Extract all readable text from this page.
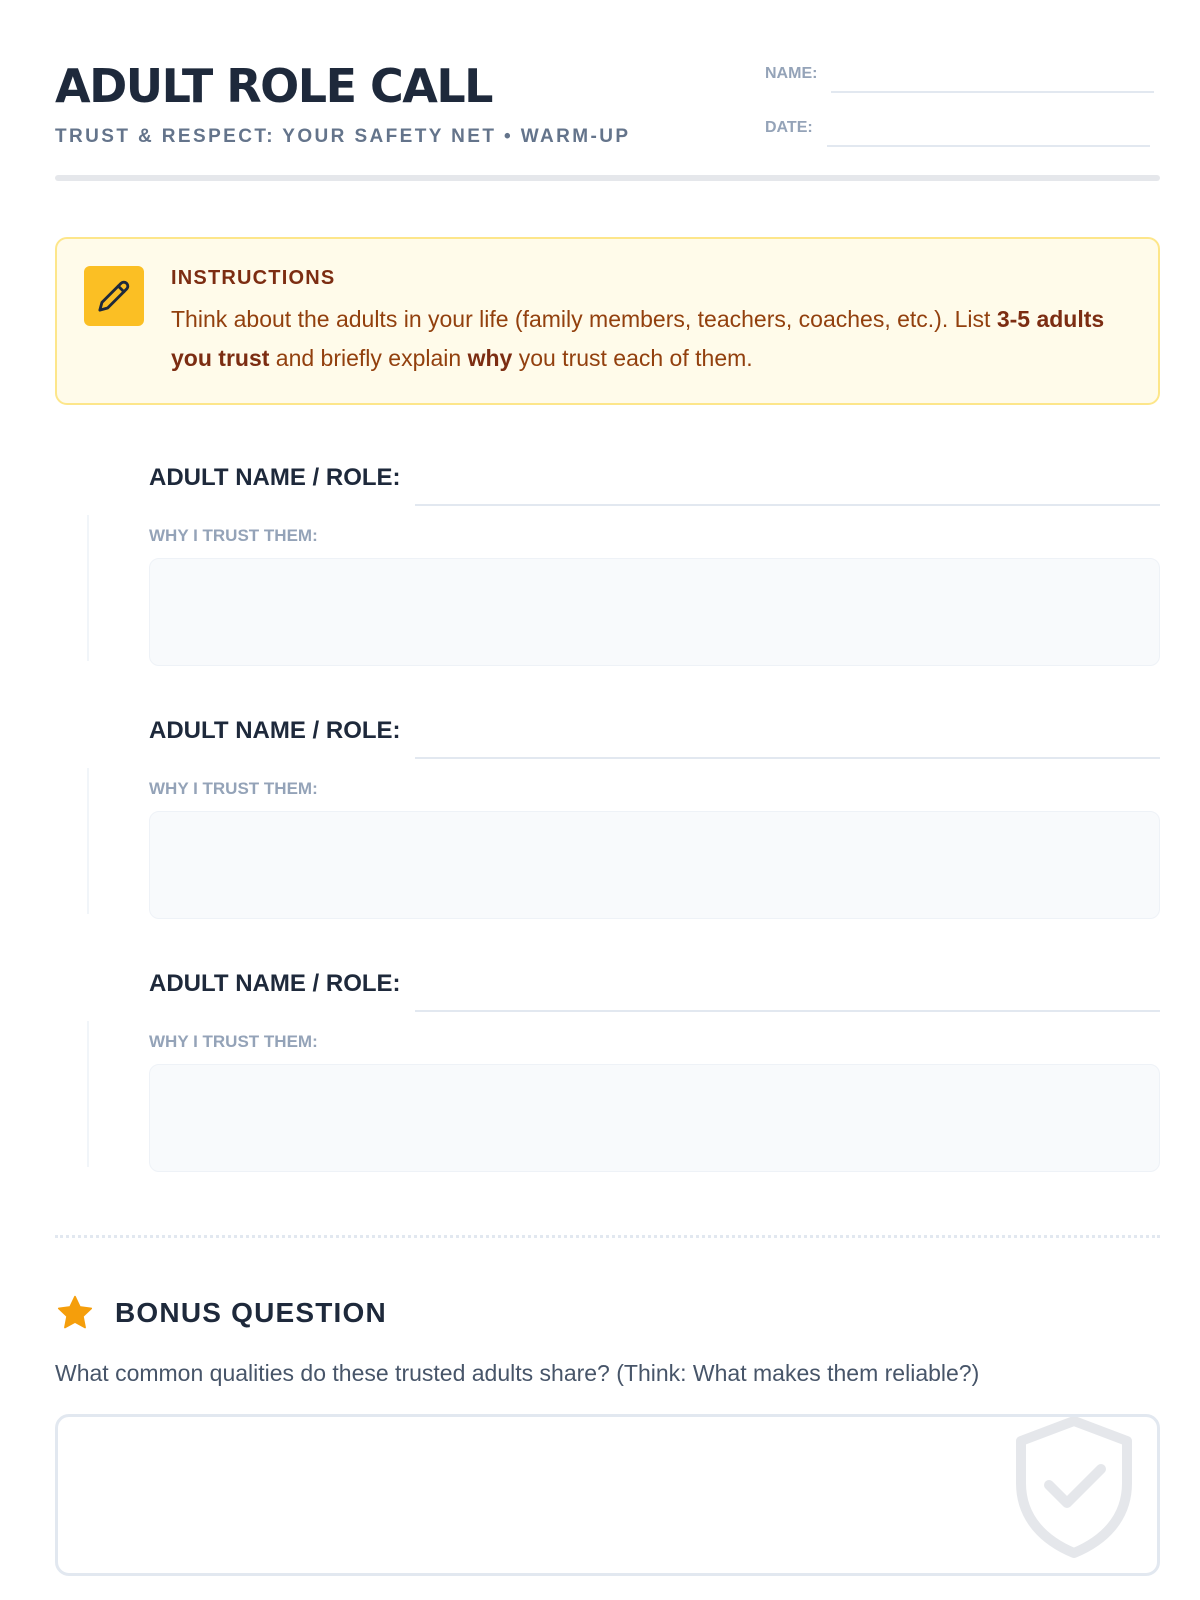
ADULT ROLE CALL
TRUST & RESPECT: YOUR SAFETY NET • WARM-UP
NAME:
DATE:
INSTRUCTIONS
Think about the adults in your life (family members, teachers, coaches, etc.). List 3-5 adults you trust and briefly explain why you trust each of them.
ADULT NAME / ROLE:
WHY I TRUST THEM:
ADULT NAME / ROLE:
WHY I TRUST THEM:
ADULT NAME / ROLE:
WHY I TRUST THEM:
BONUS QUESTION
What common qualities do these trusted adults share? (Think: What makes them reliable?)
